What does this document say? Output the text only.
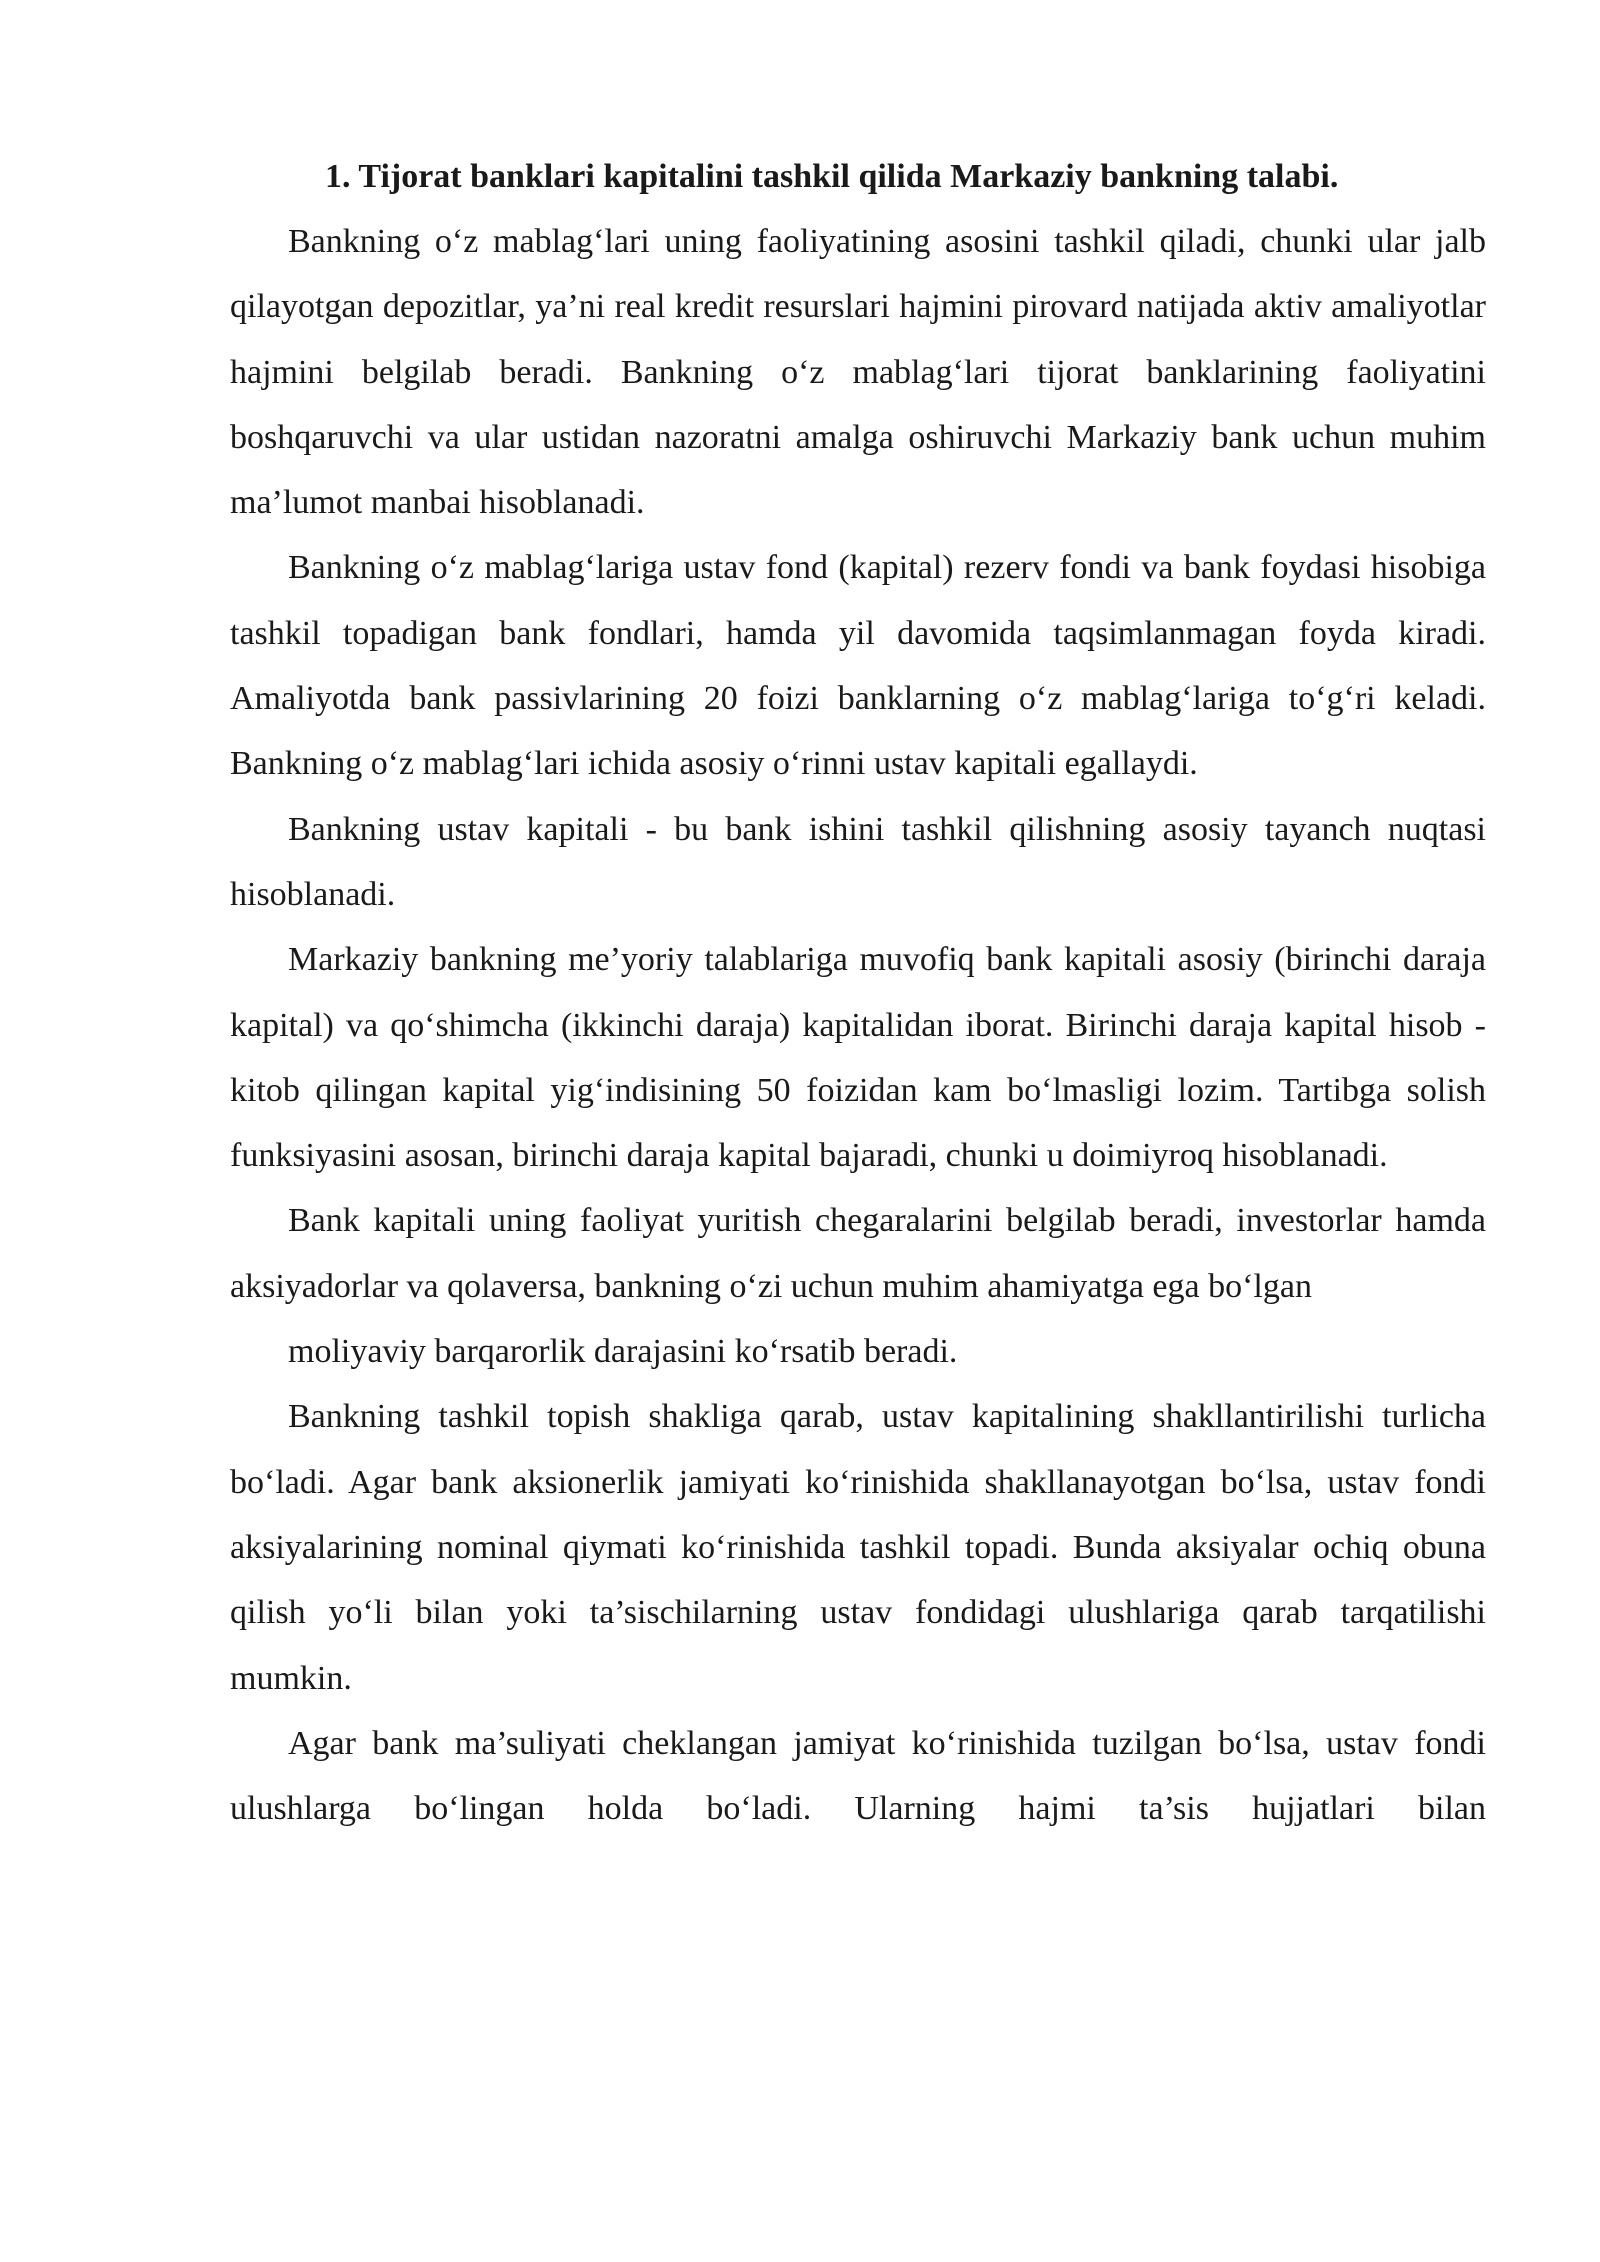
1. Tijorat banklari kapitalini tashkil qilida Markaziy bankning talabi.

Bankning o‘z mablag‘lari uning faoliyatining asosini tashkil qiladi, chunki ular jalb qilayotgan depozitlar, ya’ni real kredit resurslari hajmini pirovard natijada aktiv amaliyotlar hajmini belgilab beradi. Bankning o‘z mablag‘lari tijorat banklarining faoliyatini boshqaruvchi va ular ustidan nazoratni amalga oshiruvchi Markaziy bank uchun muhim ma’lumot manbai hisoblanadi.

Bankning o‘z mablag‘lariga ustav fond (kapital) rezerv fondi va bank foydasi hisobiga tashkil topadigan bank fondlari, hamda yil davomida taqsimlanmagan foyda kiradi. Amaliyotda bank passivlarining 20 foizi banklarning o‘z mablag‘lariga to‘g‘ri keladi. Bankning o‘z mablag‘lari ichida asosiy o‘rinni ustav kapitali egallaydi.

Bankning ustav kapitali - bu bank ishini tashkil qilishning asosiy tayanch nuqtasi hisoblanadi.

Markaziy bankning me’yoriy talablariga muvofiq bank kapitali asosiy (birinchi daraja kapital) va qo‘shimcha (ikkinchi daraja) kapitalidan iborat. Birinchi daraja kapital hisob - kitob qilingan kapital yig‘indisining 50 foizidan kam bo‘lmasligi lozim. Tartibga solish funksiyasini asosan, birinchi daraja kapital bajaradi, chunki u doimiyroq hisoblanadi.

Bank kapitali uning faoliyat yuritish chegaralarini belgilab beradi, investorlar hamda aksiyadorlar va qolaversa, bankning o‘zi uchun muhim ahamiyatga ega bo‘lgan

moliyaviy barqarorlik darajasini ko‘rsatib beradi.

Bankning tashkil topish shakliga qarab, ustav kapitalining shakllantirilishi turlicha bo‘ladi. Agar bank aksionerlik jamiyati ko‘rinishida shakllanayotgan bo‘lsa, ustav fondi aksiyalarining nominal qiymati ko‘rinishida tashkil topadi. Bunda aksiyalar ochiq obuna qilish yo‘li bilan yoki ta’sischilarning ustav fondidagi ulushlariga qarab tarqatilishi mumkin.

Agar bank ma’suliyati cheklangan jamiyat ko‘rinishida tuzilgan bo‘lsa, ustav fondi ulushlarga bo‘lingan holda bo‘ladi. Ularning hajmi ta’sis hujjatlari bilan
